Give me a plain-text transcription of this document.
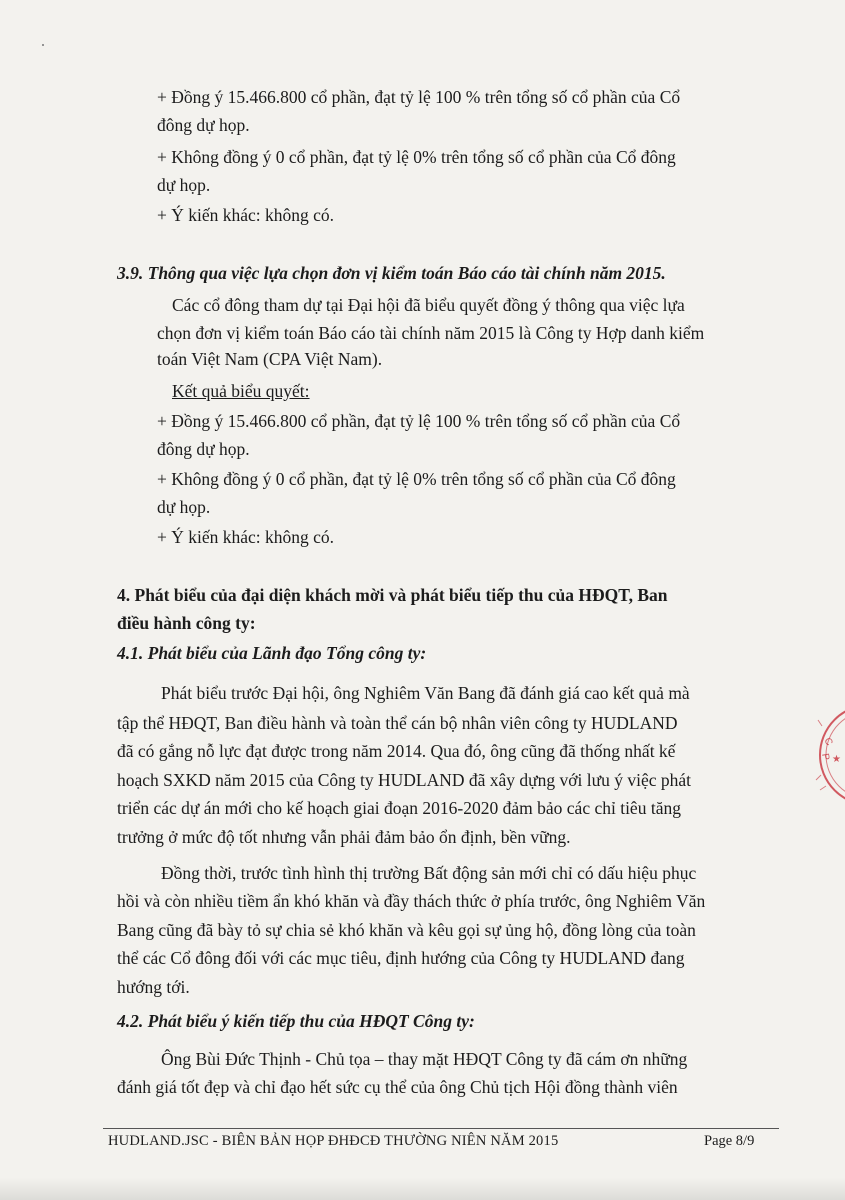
+ Đồng ý 15.466.800 cổ phần, đạt tỷ lệ 100 % trên tổng số cổ phần của Cổ

đông dự họp.

+ Không đồng ý 0 cổ phần, đạt tỷ lệ 0% trên tổng số cổ phần của Cổ đông

dự họp.

+ Ý kiến khác: không có.

3.9. Thông qua việc lựa chọn đơn vị kiểm toán Báo cáo tài chính năm 2015.

Các cổ đông tham dự tại Đại hội đã biểu quyết đồng ý thông qua việc lựa

chọn đơn vị kiểm toán Báo cáo tài chính năm 2015 là Công ty Hợp danh kiểm

toán Việt Nam (CPA Việt Nam).

Kết quả biểu quyết:

+ Đồng ý 15.466.800 cổ phần, đạt tỷ lệ 100 % trên tổng số cổ phần của Cổ

đông dự họp.

+ Không đồng ý 0 cổ phần, đạt tỷ lệ 0% trên tổng số cổ phần của Cổ đông

dự họp.

+ Ý kiến khác: không có.

4. Phát biểu của đại diện khách mời và phát biểu tiếp thu của HĐQT, Ban

điều hành công ty:

4.1. Phát biểu của Lãnh đạo Tổng công ty:

Phát biểu trước Đại hội, ông Nghiêm Văn Bang đã đánh giá cao kết quả mà

tập thể HĐQT, Ban điều hành và toàn thể cán bộ nhân viên công ty HUDLAND

đã có gắng nỗ lực đạt được trong năm 2014. Qua đó, ông cũng đã thống nhất kế

hoạch SXKD năm 2015 của Công ty HUDLAND đã xây dựng với lưu ý việc phát

triển các dự án mới cho kế hoạch giai đoạn 2016-2020 đảm bảo các chỉ tiêu tăng

trưởng ở mức độ tốt nhưng vẫn phải đảm bảo ổn định, bền vững.

Đồng thời, trước tình hình thị trường Bất động sản mới chỉ có dấu hiệu phục

hồi và còn nhiều tiềm ẩn khó khăn và đầy thách thức ở phía trước, ông Nghiêm Văn

Bang cũng đã bày tỏ sự chia sẻ khó khăn và kêu gọi sự ủng hộ, đồng lòng của toàn

thể các Cổ đông đối với các mục tiêu, định hướng của Công ty HUDLAND đang

hướng tới.

4.2. Phát biểu ý kiến tiếp thu của HĐQT Công ty:

Ông Bùi Đức Thịnh - Chủ tọa – thay mặt HĐQT Công ty đã cám ơn những

đánh giá tốt đẹp và chỉ đạo hết sức cụ thể của ông Chủ tịch Hội đồng thành viên

HUDLAND.JSC - BIÊN BẢN HỌP ĐHĐCĐ THƯỜNG NIÊN NĂM 2015	Page 8/9

C
P ★
